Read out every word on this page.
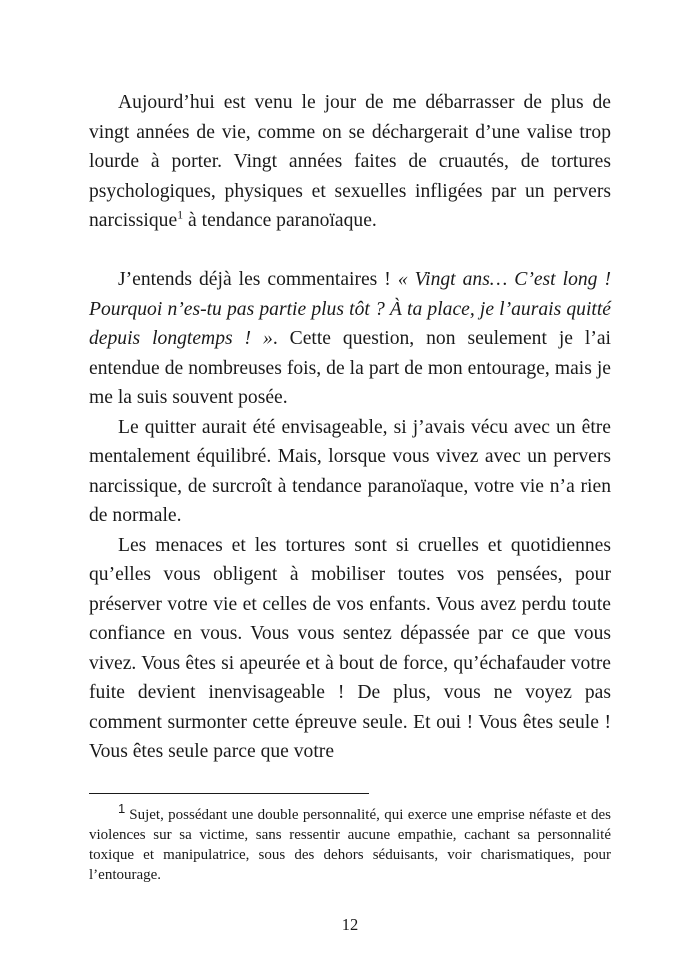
Aujourd’hui est venu le jour de me débarrasser de plus de vingt années de vie, comme on se déchargerait d’une valise trop lourde à porter. Vingt années faites de cruautés, de tortures psychologiques, physiques et sexuelles infligées par un pervers narcissique$^1$ à tendance paranoïaque.

J’entends déjà les commentaires ! « Vingt ans… C’est long ! Pourquoi n’es-tu pas partie plus tôt ? À ta place, je l’aurais quitté depuis longtemps ! ». Cette question, non seulement je l’ai entendue de nombreuses fois, de la part de mon entourage, mais je me la suis souvent posée.

Le quitter aurait été envisageable, si j’avais vécu avec un être mentalement équilibré. Mais, lorsque vous vivez avec un pervers narcissique, de surcroît à tendance paranoïaque, votre vie n’a rien de normale.

Les menaces et les tortures sont si cruelles et quotidiennes qu’elles vous obligent à mobiliser toutes vos pensées, pour préserver votre vie et celles de vos enfants. Vous avez perdu toute confiance en vous. Vous vous sentez dépassée par ce que vous vivez. Vous êtes si apeurée et à bout de force, qu’échafauder votre fuite devient inenvisageable ! De plus, vous ne voyez pas comment surmonter cette épreuve seule. Et oui ! Vous êtes seule ! Vous êtes seule parce que votre

1 Sujet, possédant une double personnalité, qui exerce une emprise néfaste et des violences sur sa victime, sans ressentir aucune empathie, cachant sa personnalité toxique et manipulatrice, sous des dehors séduisants, voir charismatiques, pour l’entourage.

12
